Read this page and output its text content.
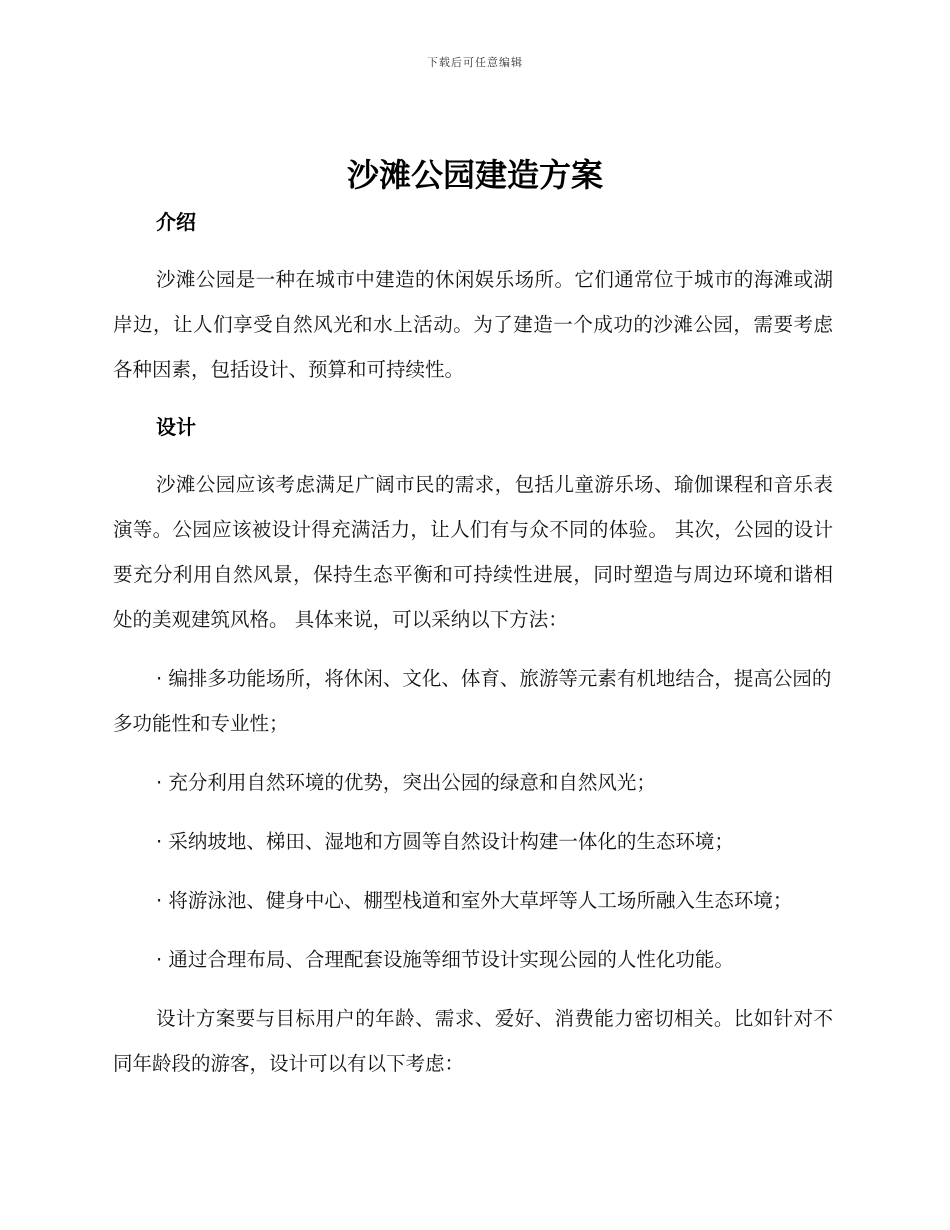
下载后可任意编辑
沙滩公园建造方案
介绍

沙滩公园是一种在城市中建造的休闲娱乐场所。它们通常位于城市的海滩或湖岸边，让人们享受自然风光和水上活动。为了建造一个成功的沙滩公园，需要考虑各种因素，包括设计、预算和可持续性。

设计

沙滩公园应该考虑满足广阔市民的需求，包括儿童游乐场、瑜伽课程和音乐表演等。公园应该被设计得充满活力，让人们有与众不同的体验。 其次，公园的设计要充分利用自然风景，保持生态平衡和可持续性进展，同时塑造与周边环境和谐相处的美观建筑风格。 具体来说，可以采纳以下方法：

· 编排多功能场所，将休闲、文化、体育、旅游等元素有机地结合，提高公园的多功能性和专业性；

· 充分利用自然环境的优势，突出公园的绿意和自然风光；

· 采纳坡地、梯田、湿地和方圆等自然设计构建一体化的生态环境；

· 将游泳池、健身中心、棚型栈道和室外大草坪等人工场所融入生态环境；

· 通过合理布局、合理配套设施等细节设计实现公园的人性化功能。

设计方案要与目标用户的年龄、需求、爱好、消费能力密切相关。比如针对不同年龄段的游客，设计可以有以下考虑：
